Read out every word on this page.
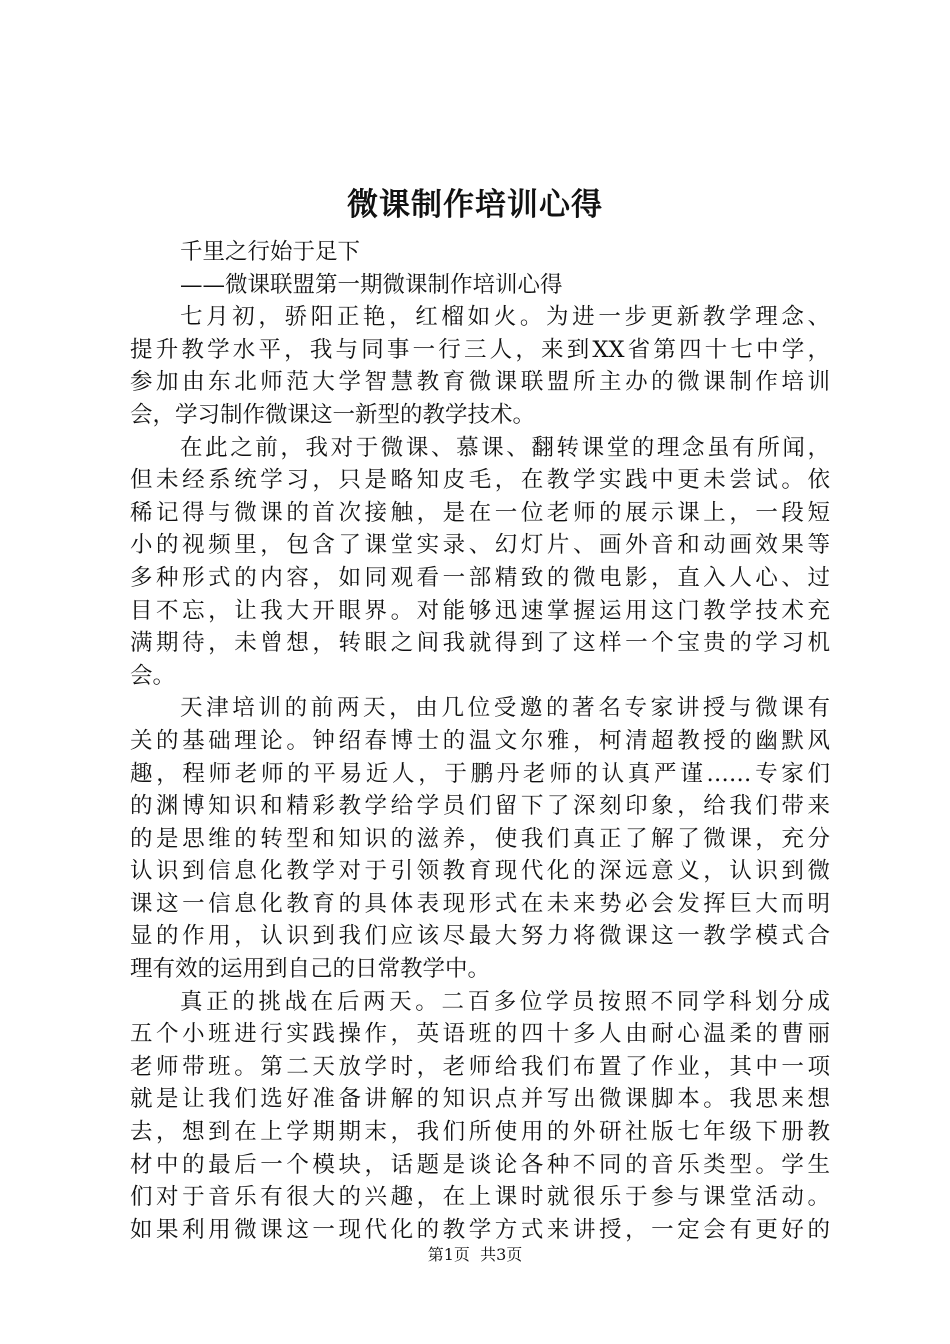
微课制作培训心得
千里之行始于足下
——微课联盟第一期微课制作培训心得
七月初，骄阳正艳，红榴如火。为进一步更新教学理念、
提升教学水平，我与同事一行三人，来到XX省第四十七中学，
参加由东北师范大学智慧教育微课联盟所主办的微课制作培训
会，学习制作微课这一新型的教学技术。
在此之前，我对于微课、慕课、翻转课堂的理念虽有所闻，
但未经系统学习，只是略知皮毛，在教学实践中更未尝试。依
稀记得与微课的首次接触，是在一位老师的展示课上，一段短
小的视频里，包含了课堂实录、幻灯片、画外音和动画效果等
多种形式的内容，如同观看一部精致的微电影，直入人心、过
目不忘，让我大开眼界。对能够迅速掌握运用这门教学技术充
满期待，未曾想，转眼之间我就得到了这样一个宝贵的学习机
会。
天津培训的前两天，由几位受邀的著名专家讲授与微课有
关的基础理论。钟绍春博士的温文尔雅，柯清超教授的幽默风
趣，程师老师的平易近人，于鹏丹老师的认真严谨……专家们
的渊博知识和精彩教学给学员们留下了深刻印象，给我们带来
的是思维的转型和知识的滋养，使我们真正了解了微课，充分
认识到信息化教学对于引领教育现代化的深远意义，认识到微
课这一信息化教育的具体表现形式在未来势必会发挥巨大而明
显的作用，认识到我们应该尽最大努力将微课这一教学模式合
理有效的运用到自己的日常教学中。
真正的挑战在后两天。二百多位学员按照不同学科划分成
五个小班进行实践操作，英语班的四十多人由耐心温柔的曹丽
老师带班。第二天放学时，老师给我们布置了作业，其中一项
就是让我们选好准备讲解的知识点并写出微课脚本。我思来想
去，想到在上学期期末，我们所使用的外研社版七年级下册教
材中的最后一个模块，话题是谈论各种不同的音乐类型。学生
们对于音乐有很大的兴趣，在上课时就很乐于参与课堂活动。
如果利用微课这一现代化的教学方式来讲授，一定会有更好的
第1页 共3页
